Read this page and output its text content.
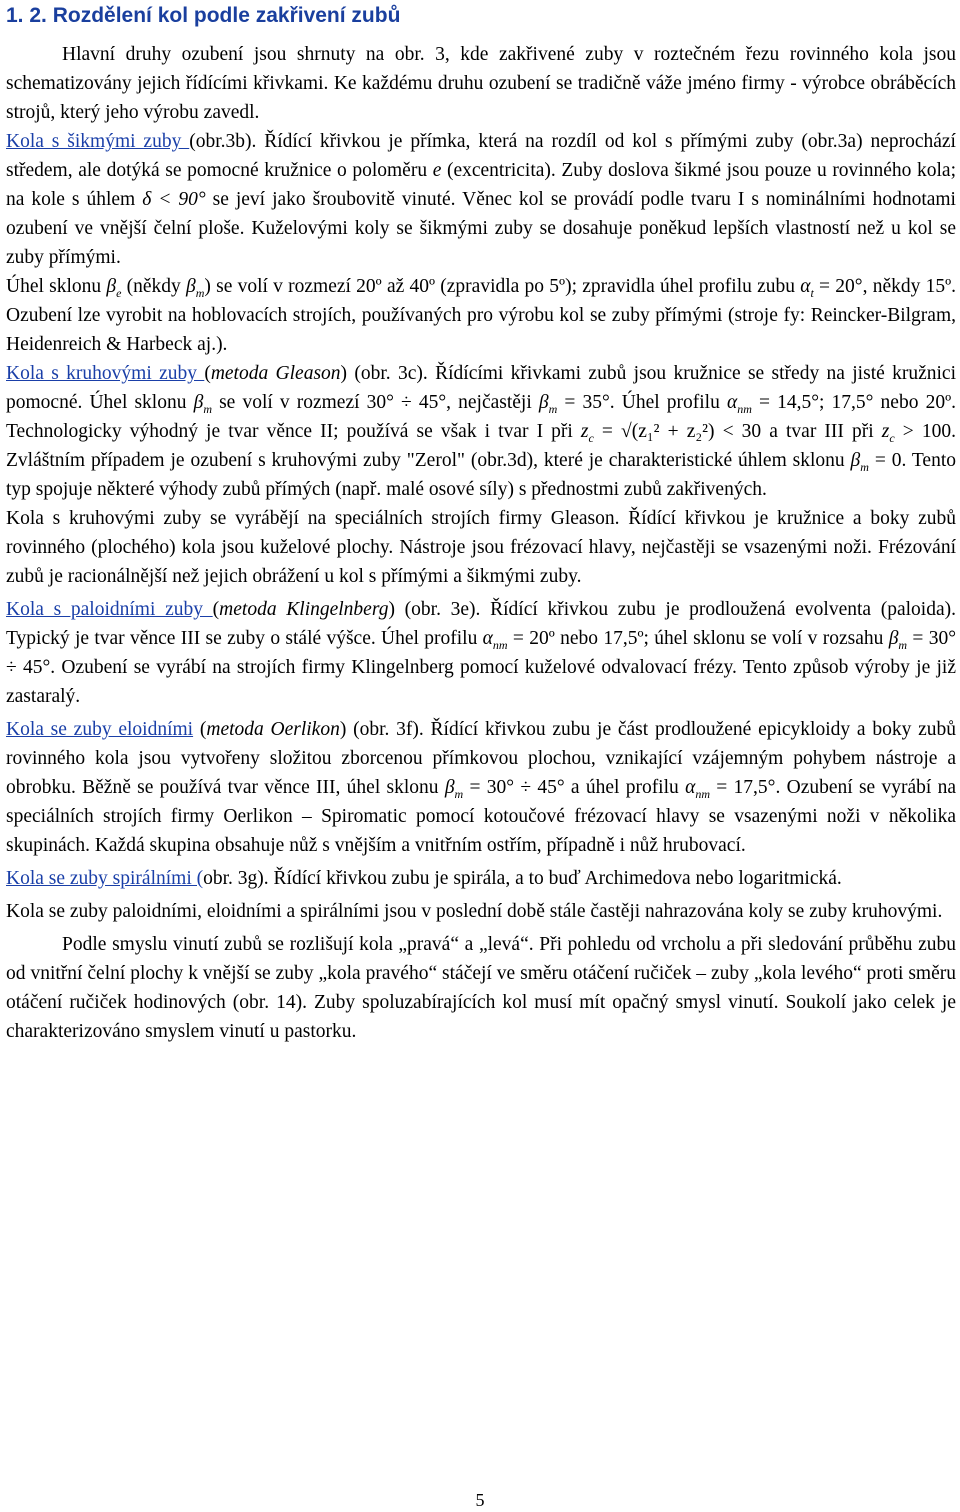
1. 2. Rozdělení kol podle zakřivení zubů

Hlavní druhy ozubení jsou shrnuty na obr. 3, kde zakřivené zuby v roztečném řezu rovinného kola jsou schematizovány jejich řídícími křivkami. Ke každému druhu ozubení se tradičně váže jméno firmy - výrobce obráběcích strojů, který jeho výrobu zavedl.

Kola s šikmými zuby (obr.3b). Řídící křivkou je přímka, která na rozdíl od kol s přímými zuby (obr.3a) neprochází středem, ale dotýká se pomocné kružnice o poloměru e (excentricita). Zuby doslova šikmé jsou pouze u rovinného kola; na kole s úhlem δ < 90° se jeví jako šroubovitě vinuté. Věnec kol se provádí podle tvaru I s nominálními hodnotami ozubení ve vnější čelní ploše. Kuželovými koly se šikmými zuby se dosahuje poněkud lepších vlastností než u kol se zuby přímými.

Úhel sklonu $\beta_e$ (někdy $\beta_m$) se volí v rozmezí 20º až 40º (zpravidla po 5º); zpravidla úhel profilu zubu $\alpha_t = 20^\circ$, někdy 15º. Ozubení lze vyrobit na hoblovacích strojích, používaných pro výrobu kol se zuby přímými (stroje fy: Reincker-Bilgram, Heidenreich & Harbeck aj.).

Kola s kruhovými zuby (metoda Gleason) (obr. 3c). Řídícími křivkami zubů jsou kružnice se středy na jisté kružnici pomocné. Úhel sklonu $\beta_m$ se volí v rozmezí 30° ÷ 45°, nejčastěji $\beta_m = 35^\circ$. Úhel profilu $\alpha_{nm} = 14,5^\circ$; 17,5° nebo 20º. Technologicky výhodný je tvar věnce II; používá se však i tvar I při $z_c = √(z_1^2 + z_2^2) < 30$ a tvar III při $z_c > 100$. Zvláštním případem je ozubení s kruhovými zuby "Zerol" (obr.3d), které je charakteristické úhlem sklonu $\beta_m = 0$. Tento typ spojuje některé výhody zubů přímých (např. malé osové síly) s přednostmi zubů zakřivených.

Kola s kruhovými zuby se vyrábějí na speciálních strojích firmy Gleason. Řídící křivkou je kružnice a boky zubů rovinného (plochého) kola jsou kuželové plochy. Nástroje jsou frézovací hlavy, nejčastěji se vsazenými noži. Frézování zubů je racionálnější než jejich obrážení u kol s přímými a šikmými zuby.

Kola s paloidními zuby (metoda Klingelnberg) (obr. 3e). Řídící křivkou zubu je prodloužená evolventa (paloida). Typický je tvar věnce III se zuby o stálé výšce. Úhel profilu $\alpha_{nm}$ = 20º nebo 17,5º; úhel sklonu se volí v rozsahu $\beta_m = 30^\circ \div 45^\circ$. Ozubení se vyrábí na strojích firmy Klingelnberg pomocí kuželové odvalovací frézy. Tento způsob výroby je již zastaralý.

Kola se zuby eloidními (metoda Oerlikon) (obr. 3f). Řídící křivkou zubu je část prodloužené epicykloidy a boky zubů rovinného kola jsou vytvořeny složitou zborcenou přímkovou plochou, vznikající vzájemným pohybem nástroje a obrobku. Běžně se používá tvar věnce III, úhel sklonu $\beta_m = 30^\circ \div 45^\circ$ a úhel profilu $\alpha_{nm} = 17,5^\circ$. Ozubení se vyrábí na speciálních strojích firmy Oerlikon – Spiromatic pomocí kotoučové frézovací hlavy se vsazenými noži v několika skupinách. Každá skupina obsahuje nůž s vnějším a vnitřním ostřím, případně i nůž hrubovací.

Kola se zuby spirálními (obr. 3g). Řídící křivkou zubu je spirála, a to buď Archimedova nebo logaritmická.

Kola se zuby paloidními, eloidními a spirálními jsou v poslední době stále častěji nahrazována koly se zuby kruhovými.

Podle smyslu vinutí zubů se rozlišují kola „pravá“ a „levá“. Při pohledu od vrcholu a při sledování průběhu zubu od vnitřní čelní plochy k vnější se zuby „kola pravého“ stáčejí ve směru otáčení ručiček – zuby „kola levého“ proti směru otáčení ručiček hodinových (obr. 14). Zuby spoluzabírajících kol musí mít opačný smysl vinutí. Soukolí jako celek je charakterizováno smyslem vinutí u pastorku.

5
